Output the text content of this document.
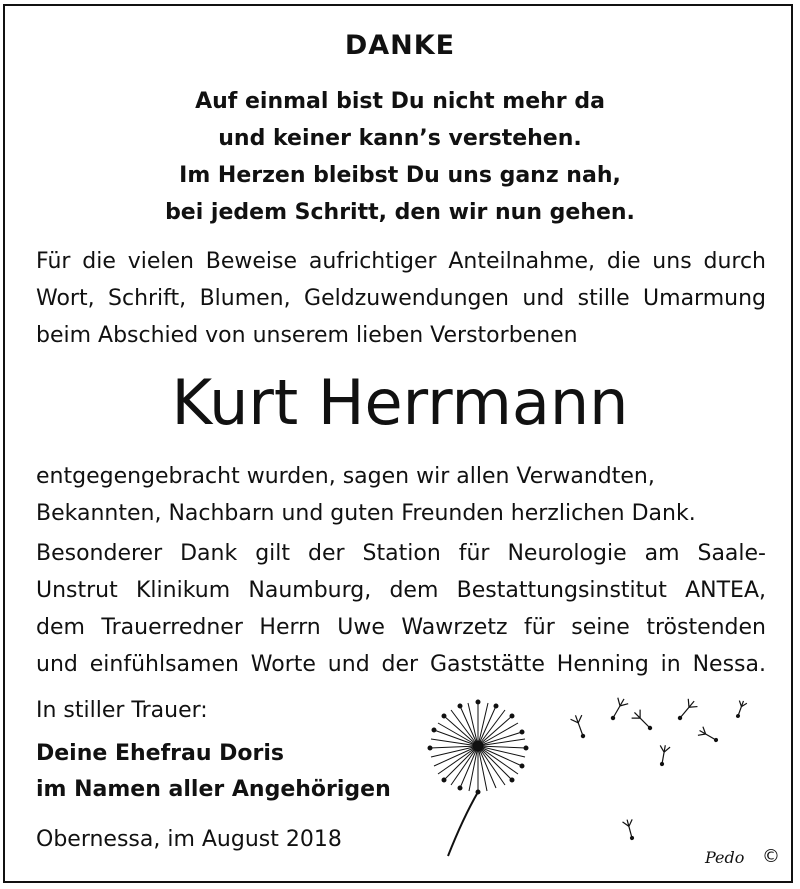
DANKE
Auf einmal bist Du nicht mehr da
und keiner kann’s verstehen.
Im Herzen bleibst Du uns ganz nah,
bei jedem Schritt, den wir nun gehen.
Für die vielen Beweise aufrichtiger Anteilnahme, die uns durch
Wort, Schrift, Blumen, Geldzuwendungen und stille Umarmung
beim Abschied von unserem lieben Verstorbenen
Kurt Herrmann
entgegengebracht wurden, sagen wir allen Verwandten,
Bekannten, Nachbarn und guten Freunden herzlichen Dank.
Besonderer Dank gilt der Station für Neurologie am Saale-
Unstrut Klinikum Naumburg, dem Bestattungsinstitut ANTEA,
dem Trauerredner Herrn Uwe Wawrzetz für seine tröstenden
und einfühlsamen Worte und der Gaststätte Henning in Nessa.
In stiller Trauer:
Deine Ehefrau Doris
im Namen aller Angehörigen
Obernessa, im August 2018
Pedo ©
